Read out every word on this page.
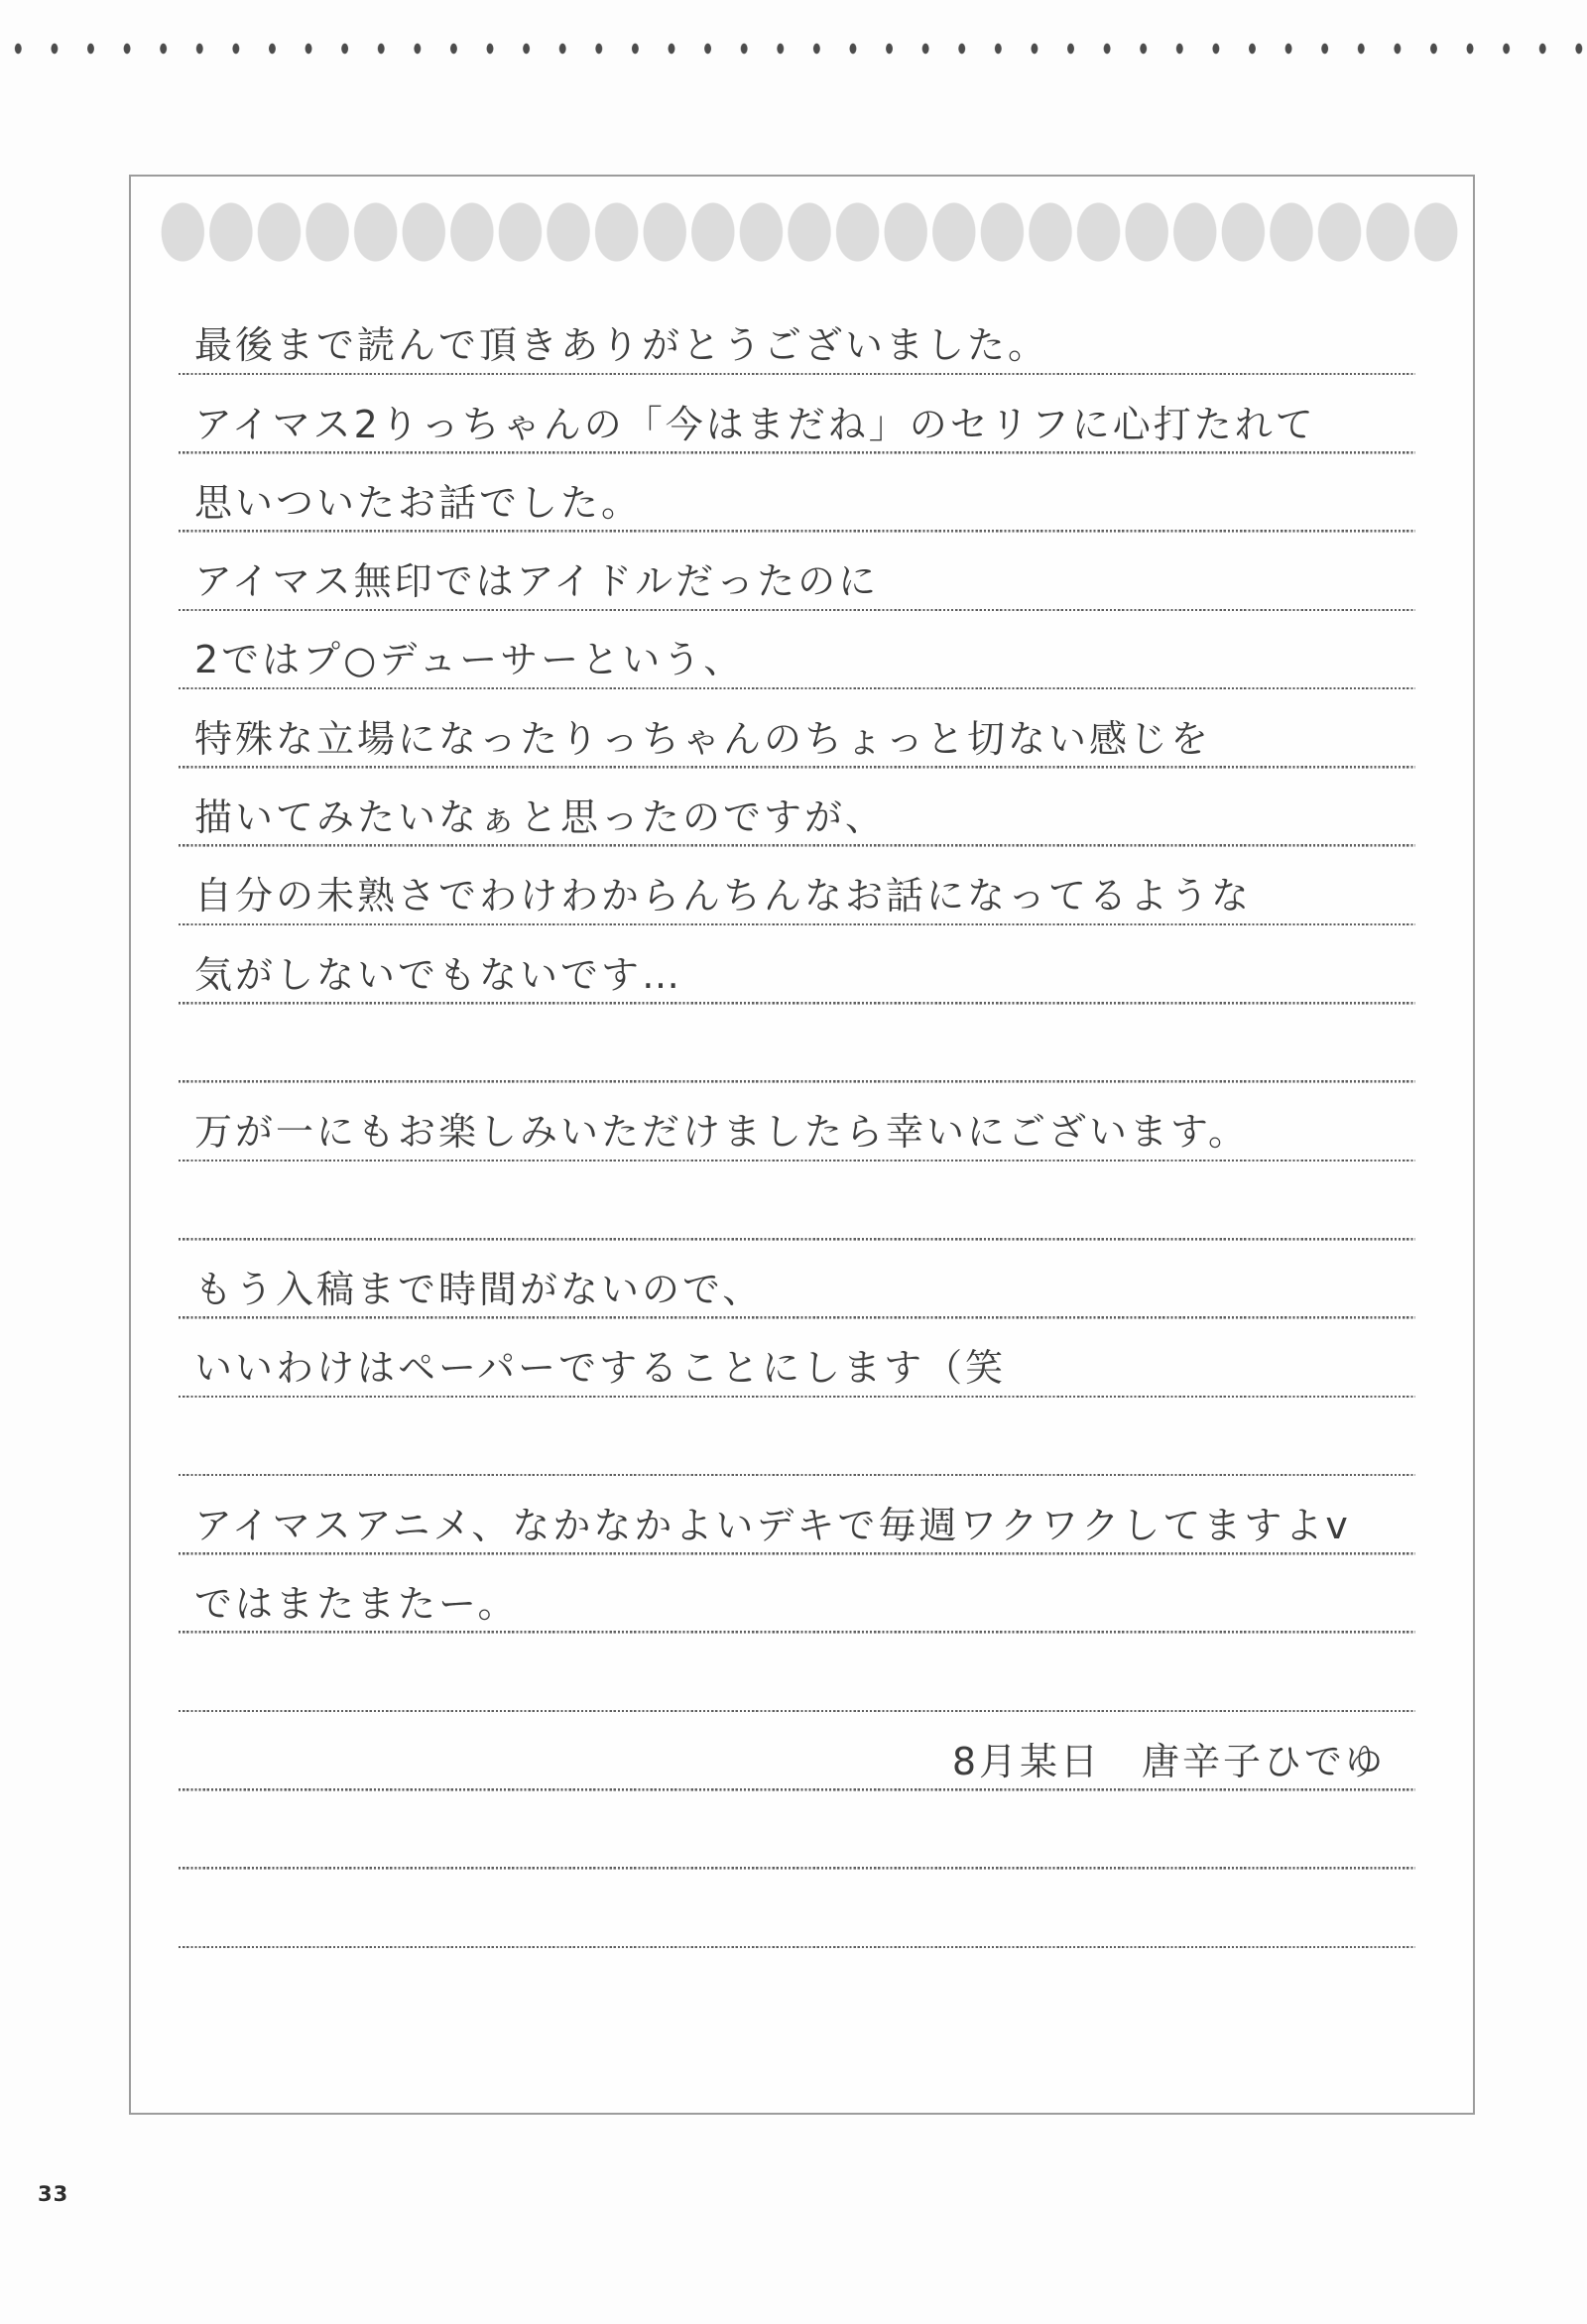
最後まで読んで頂きありがとうございました。
アイマス2りっちゃんの「今はまだね」のセリフに心打たれて
思いついたお話でした。
アイマス無印ではアイドルだったのに
2ではプ○デューサーという、
特殊な立場になったりっちゃんのちょっと切ない感じを
描いてみたいなぁと思ったのですが、
自分の未熟さでわけわからんちんなお話になってるような
気がしないでもないです…
万が一にもお楽しみいただけましたら幸いにございます。
もう入稿まで時間がないので、
いいわけはペーパーですることにします（笑
アイマスアニメ、なかなかよいデキで毎週ワクワクしてますよv
ではまたまたー。
8月某日　唐辛子ひでゆ
33
